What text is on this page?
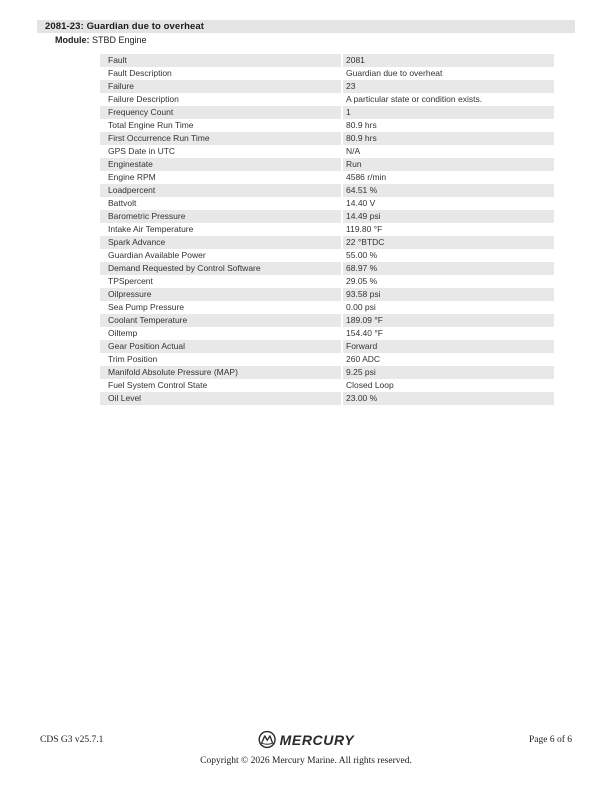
2081-23: Guardian due to overheat
Module: STBD Engine
Fault	2081
Fault Description	Guardian due to overheat
Failure	23
Failure Description	A particular state or condition exists.
Frequency Count	1
Total Engine Run Time	80.9 hrs
First Occurrence Run Time	80.9 hrs
GPS Date in UTC	N/A
Enginestate	Run
Engine RPM	4586 r/min
Loadpercent	64.51 %
Battvolt	14.40 V
Barometric Pressure	14.49 psi
Intake Air Temperature	119.80 °F
Spark Advance	22 °BTDC
Guardian Available Power	55.00 %
Demand Requested by Control Software	68.97 %
TPSpercent	29.05 %
Oilpressure	93.58 psi
Sea Pump Pressure	0.00 psi
Coolant Temperature	189.09 °F
Oiltemp	154.40 °F
Gear Position Actual	Forward
Trim Position	260 ADC
Manifold Absolute Pressure (MAP)	9.25 psi
Fuel System Control State	Closed Loop
Oil Level	23.00 %
CDS G3 v25.7.1	MERCURY	Page 6 of 6
Copyright © 2026 Mercury Marine. All rights reserved.
